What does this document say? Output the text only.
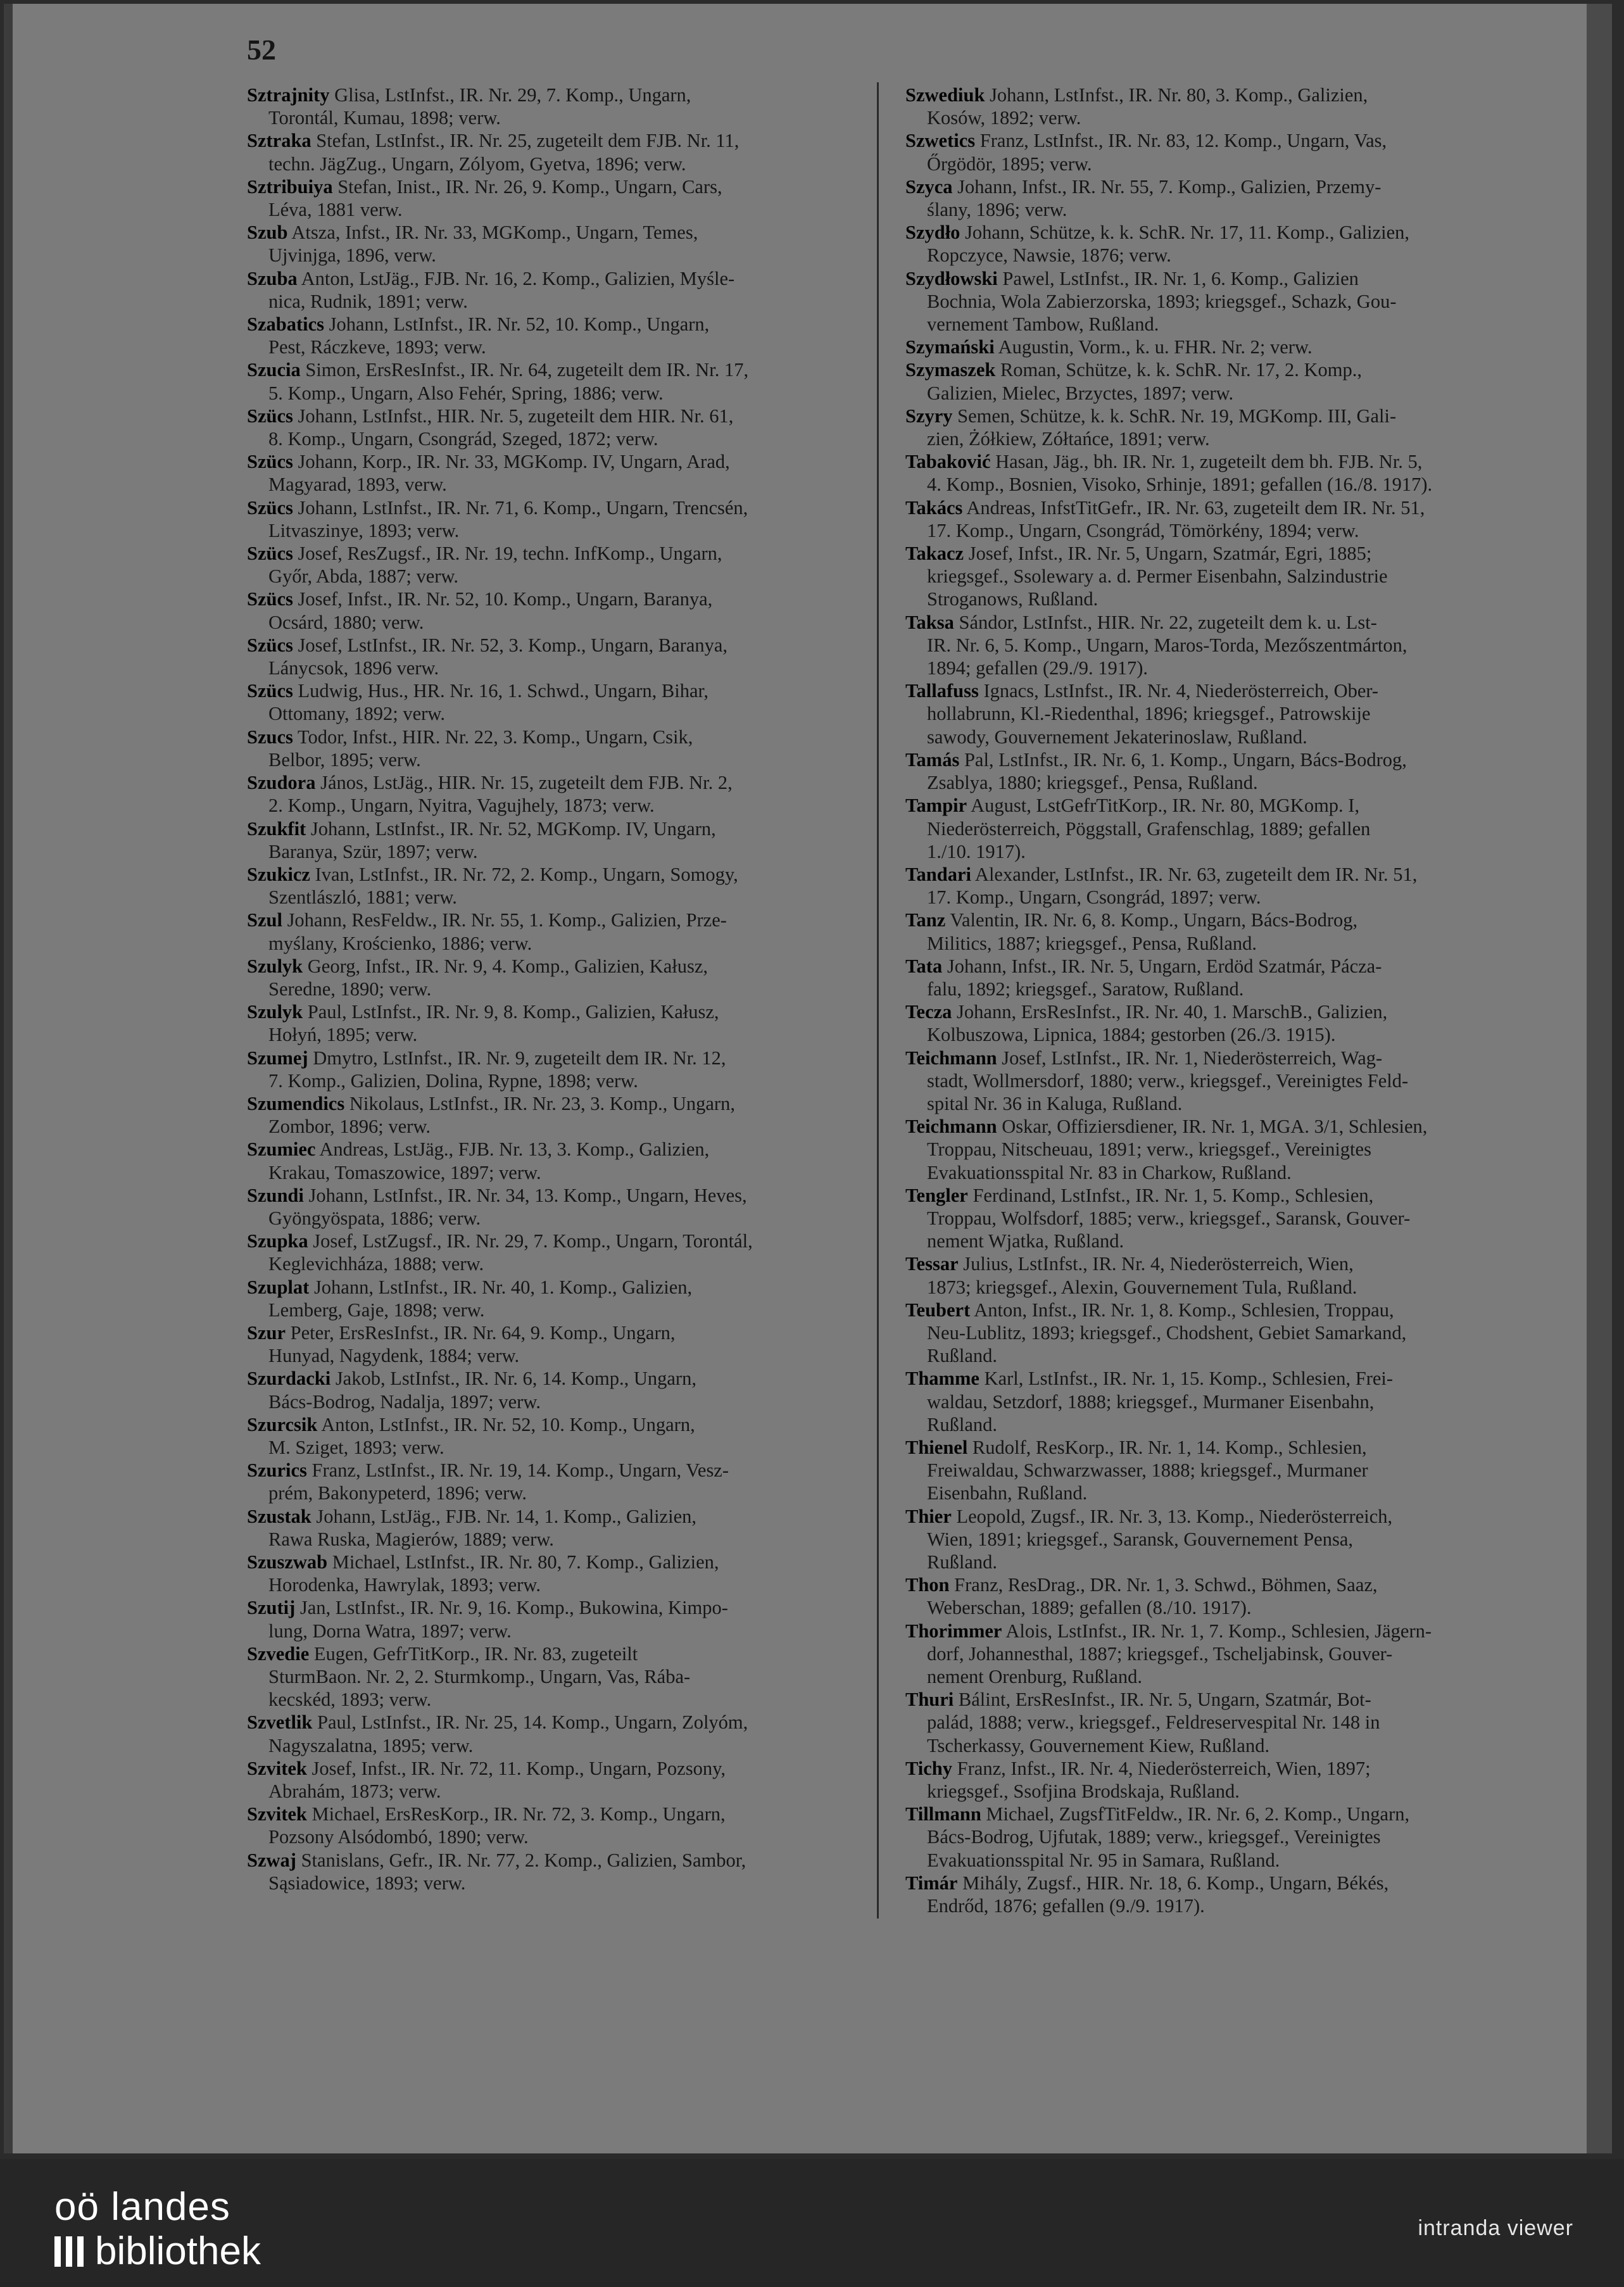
52
Sztrajnity Glisa, LstInfst., IR. Nr. 29, 7. Komp., Ungarn,
Torontál, Kumau, 1898; verw.
Sztraka Stefan, LstInfst., IR. Nr. 25, zugeteilt dem FJB. Nr. 11,
techn. JägZug., Ungarn, Zólyom, Gyetva, 1896; verw.
Sztribuiya Stefan, Inist., IR. Nr. 26, 9. Komp., Ungarn, Cars,
Léva, 1881 verw.
Szub Atsza, Infst., IR. Nr. 33, MGKomp., Ungarn, Temes,
Ujvinjga, 1896, verw.
Szuba Anton, LstJäg., FJB. Nr. 16, 2. Komp., Galizien, Myśle-
nica, Rudnik, 1891; verw.
Szabatics Johann, LstInfst., IR. Nr. 52, 10. Komp., Ungarn,
Pest, Ráczkeve, 1893; verw.
Szucia Simon, ErsResInfst., IR. Nr. 64, zugeteilt dem IR. Nr. 17,
5. Komp., Ungarn, Also Fehér, Spring, 1886; verw.
Szücs Johann, LstInfst., HIR. Nr. 5, zugeteilt dem HIR. Nr. 61,
8. Komp., Ungarn, Csongrád, Szeged, 1872; verw.
Szücs Johann, Korp., IR. Nr. 33, MGKomp. IV, Ungarn, Arad,
Magyarad, 1893, verw.
Szücs Johann, LstInfst., IR. Nr. 71, 6. Komp., Ungarn, Trencsén,
Litvaszinye, 1893; verw.
Szücs Josef, ResZugsf., IR. Nr. 19, techn. InfKomp., Ungarn,
Győr, Abda, 1887; verw.
Szücs Josef, Infst., IR. Nr. 52, 10. Komp., Ungarn, Baranya,
Ocsárd, 1880; verw.
Szücs Josef, LstInfst., IR. Nr. 52, 3. Komp., Ungarn, Baranya,
Lánycsok, 1896 verw.
Szücs Ludwig, Hus., HR. Nr. 16, 1. Schwd., Ungarn, Bihar,
Ottomany, 1892; verw.
Szucs Todor, Infst., HIR. Nr. 22, 3. Komp., Ungarn, Csik,
Belbor, 1895; verw.
Szudora János, LstJäg., HIR. Nr. 15, zugeteilt dem FJB. Nr. 2,
2. Komp., Ungarn, Nyitra, Vagujhely, 1873; verw.
Szukfit Johann, LstInfst., IR. Nr. 52, MGKomp. IV, Ungarn,
Baranya, Szür, 1897; verw.
Szukicz Ivan, LstInfst., IR. Nr. 72, 2. Komp., Ungarn, Somogy,
Szentlászló, 1881; verw.
Szul Johann, ResFeldw., IR. Nr. 55, 1. Komp., Galizien, Prze-
myślany, Krościenko, 1886; verw.
Szulyk Georg, Infst., IR. Nr. 9, 4. Komp., Galizien, Kałusz,
Seredne, 1890; verw.
Szulyk Paul, LstInfst., IR. Nr. 9, 8. Komp., Galizien, Kałusz,
Hołyń, 1895; verw.
Szumej Dmytro, LstInfst., IR. Nr. 9, zugeteilt dem IR. Nr. 12,
7. Komp., Galizien, Dolina, Rypne, 1898; verw.
Szumendics Nikolaus, LstInfst., IR. Nr. 23, 3. Komp., Ungarn,
Zombor, 1896; verw.
Szumiec Andreas, LstJäg., FJB. Nr. 13, 3. Komp., Galizien,
Krakau, Tomaszowice, 1897; verw.
Szundi Johann, LstInfst., IR. Nr. 34, 13. Komp., Ungarn, Heves,
Gyöngyöspata, 1886; verw.
Szupka Josef, LstZugsf., IR. Nr. 29, 7. Komp., Ungarn, Torontál,
Keglevichháza, 1888; verw.
Szuplat Johann, LstInfst., IR. Nr. 40, 1. Komp., Galizien,
Lemberg, Gaje, 1898; verw.
Szur Peter, ErsResInfst., IR. Nr. 64, 9. Komp., Ungarn,
Hunyad, Nagydenk, 1884; verw.
Szurdacki Jakob, LstInfst., IR. Nr. 6, 14. Komp., Ungarn,
Bács-Bodrog, Nadalja, 1897; verw.
Szurcsik Anton, LstInfst., IR. Nr. 52, 10. Komp., Ungarn,
M. Sziget, 1893; verw.
Szurics Franz, LstInfst., IR. Nr. 19, 14. Komp., Ungarn, Vesz-
prém, Bakonypeterd, 1896; verw.
Szustak Johann, LstJäg., FJB. Nr. 14, 1. Komp., Galizien,
Rawa Ruska, Magierów, 1889; verw.
Szuszwab Michael, LstInfst., IR. Nr. 80, 7. Komp., Galizien,
Horodenka, Hawrylak, 1893; verw.
Szutij Jan, LstInfst., IR. Nr. 9, 16. Komp., Bukowina, Kimpo-
lung, Dorna Watra, 1897; verw.
Szvedie Eugen, GefrTitKorp., IR. Nr. 83, zugeteilt
SturmBaon. Nr. 2, 2. Sturmkomp., Ungarn, Vas, Rába-
kecskéd, 1893; verw.
Szvetlik Paul, LstInfst., IR. Nr. 25, 14. Komp., Ungarn, Zolyóm,
Nagyszalatna, 1895; verw.
Szvitek Josef, Infst., IR. Nr. 72, 11. Komp., Ungarn, Pozsony,
Abrahám, 1873; verw.
Szvitek Michael, ErsResKorp., IR. Nr. 72, 3. Komp., Ungarn,
Pozsony Alsódombó, 1890; verw.
Szwaj Stanislans, Gefr., IR. Nr. 77, 2. Komp., Galizien, Sambor,
Sąsiadowice, 1893; verw.
Szwediuk Johann, LstInfst., IR. Nr. 80, 3. Komp., Galizien,
Kosów, 1892; verw.
Szwetics Franz, LstInfst., IR. Nr. 83, 12. Komp., Ungarn, Vas,
Őrgödör, 1895; verw.
Szyca Johann, Infst., IR. Nr. 55, 7. Komp., Galizien, Przemy-
ślany, 1896; verw.
Szydło Johann, Schütze, k. k. SchR. Nr. 17, 11. Komp., Galizien,
Ropczyce, Nawsie, 1876; verw.
Szydłowski Pawel, LstInfst., IR. Nr. 1, 6. Komp., Galizien
Bochnia, Wola Zabierzorska, 1893; kriegsgef., Schazk, Gou-
vernement Tambow, Rußland.
Szymański Augustin, Vorm., k. u. FHR. Nr. 2; verw.
Szymaszek Roman, Schütze, k. k. SchR. Nr. 17, 2. Komp.,
Galizien, Mielec, Brzyctes, 1897; verw.
Szyry Semen, Schütze, k. k. SchR. Nr. 19, MGKomp. III, Gali-
zien, Żółkiew, Zółtańce, 1891; verw.
Tabaković Hasan, Jäg., bh. IR. Nr. 1, zugeteilt dem bh. FJB. Nr. 5,
4. Komp., Bosnien, Visoko, Srhinje, 1891; gefallen (16./8. 1917).
Takács Andreas, InfstTitGefr., IR. Nr. 63, zugeteilt dem IR. Nr. 51,
17. Komp., Ungarn, Csongrád, Tömörkény, 1894; verw.
Takacz Josef, Infst., IR. Nr. 5, Ungarn, Szatmár, Egri, 1885;
kriegsgef., Ssolewary a. d. Permer Eisenbahn, Salzindustrie
Stroganows, Rußland.
Taksa Sándor, LstInfst., HIR. Nr. 22, zugeteilt dem k. u. Lst-
IR. Nr. 6, 5. Komp., Ungarn, Maros-Torda, Mezőszentmárton,
1894; gefallen (29./9. 1917).
Tallafuss Ignacs, LstInfst., IR. Nr. 4, Niederösterreich, Ober-
hollabrunn, Kl.-Riedenthal, 1896; kriegsgef., Patrowskije
sawody, Gouvernement Jekaterinoslaw, Rußland.
Tamás Pal, LstInfst., IR. Nr. 6, 1. Komp., Ungarn, Bács-Bodrog,
Zsablya, 1880; kriegsgef., Pensa, Rußland.
Tampir August, LstGefrTitKorp., IR. Nr. 80, MGKomp. I,
Niederösterreich, Pöggstall, Grafenschlag, 1889; gefallen
1./10. 1917).
Tandari Alexander, LstInfst., IR. Nr. 63, zugeteilt dem IR. Nr. 51,
17. Komp., Ungarn, Csongrád, 1897; verw.
Tanz Valentin, IR. Nr. 6, 8. Komp., Ungarn, Bács-Bodrog,
Militics, 1887; kriegsgef., Pensa, Rußland.
Tata Johann, Infst., IR. Nr. 5, Ungarn, Erdöd Szatmár, Pácza-
falu, 1892; kriegsgef., Saratow, Rußland.
Tecza Johann, ErsResInfst., IR. Nr. 40, 1. MarschB., Galizien,
Kolbuszowa, Lipnica, 1884; gestorben (26./3. 1915).
Teichmann Josef, LstInfst., IR. Nr. 1, Niederösterreich, Wag-
stadt, Wollmersdorf, 1880; verw., kriegsgef., Vereinigtes Feld-
spital Nr. 36 in Kaluga, Rußland.
Teichmann Oskar, Offiziersdiener, IR. Nr. 1, MGA. 3/1, Schlesien,
Troppau, Nitscheuau, 1891; verw., kriegsgef., Vereinigtes
Evakuationsspital Nr. 83 in Charkow, Rußland.
Tengler Ferdinand, LstInfst., IR. Nr. 1, 5. Komp., Schlesien,
Troppau, Wolfsdorf, 1885; verw., kriegsgef., Saransk, Gouver-
nement Wjatka, Rußland.
Tessar Julius, LstInfst., IR. Nr. 4, Niederösterreich, Wien,
1873; kriegsgef., Alexin, Gouvernement Tula, Rußland.
Teubert Anton, Infst., IR. Nr. 1, 8. Komp., Schlesien, Troppau,
Neu-Lublitz, 1893; kriegsgef., Chodshent, Gebiet Samarkand,
Rußland.
Thamme Karl, LstInfst., IR. Nr. 1, 15. Komp., Schlesien, Frei-
waldau, Setzdorf, 1888; kriegsgef., Murmaner Eisenbahn,
Rußland.
Thienel Rudolf, ResKorp., IR. Nr. 1, 14. Komp., Schlesien,
Freiwaldau, Schwarzwasser, 1888; kriegsgef., Murmaner
Eisenbahn, Rußland.
Thier Leopold, Zugsf., IR. Nr. 3, 13. Komp., Niederösterreich,
Wien, 1891; kriegsgef., Saransk, Gouvernement Pensa,
Rußland.
Thon Franz, ResDrag., DR. Nr. 1, 3. Schwd., Böhmen, Saaz,
Weberschan, 1889; gefallen (8./10. 1917).
Thorimmer Alois, LstInfst., IR. Nr. 1, 7. Komp., Schlesien, Jägern-
dorf, Johannesthal, 1887; kriegsgef., Tscheljabinsk, Gouver-
nement Orenburg, Rußland.
Thuri Bálint, ErsResInfst., IR. Nr. 5, Ungarn, Szatmár, Bot-
palád, 1888; verw., kriegsgef., Feldreservespital Nr. 148 in
Tscherkassy, Gouvernement Kiew, Rußland.
Tichy Franz, Infst., IR. Nr. 4, Niederösterreich, Wien, 1897;
kriegsgef., Ssofjina Brodskaja, Rußland.
Tillmann Michael, ZugsfTitFeldw., IR. Nr. 6, 2. Komp., Ungarn,
Bács-Bodrog, Ujfutak, 1889; verw., kriegsgef., Vereinigtes
Evakuationsspital Nr. 95 in Samara, Rußland.
Timár Mihály, Zugsf., HIR. Nr. 18, 6. Komp., Ungarn, Békés,
Endrőd, 1876; gefallen (9./9. 1917).
oö landes
bibliothek
intranda viewer
